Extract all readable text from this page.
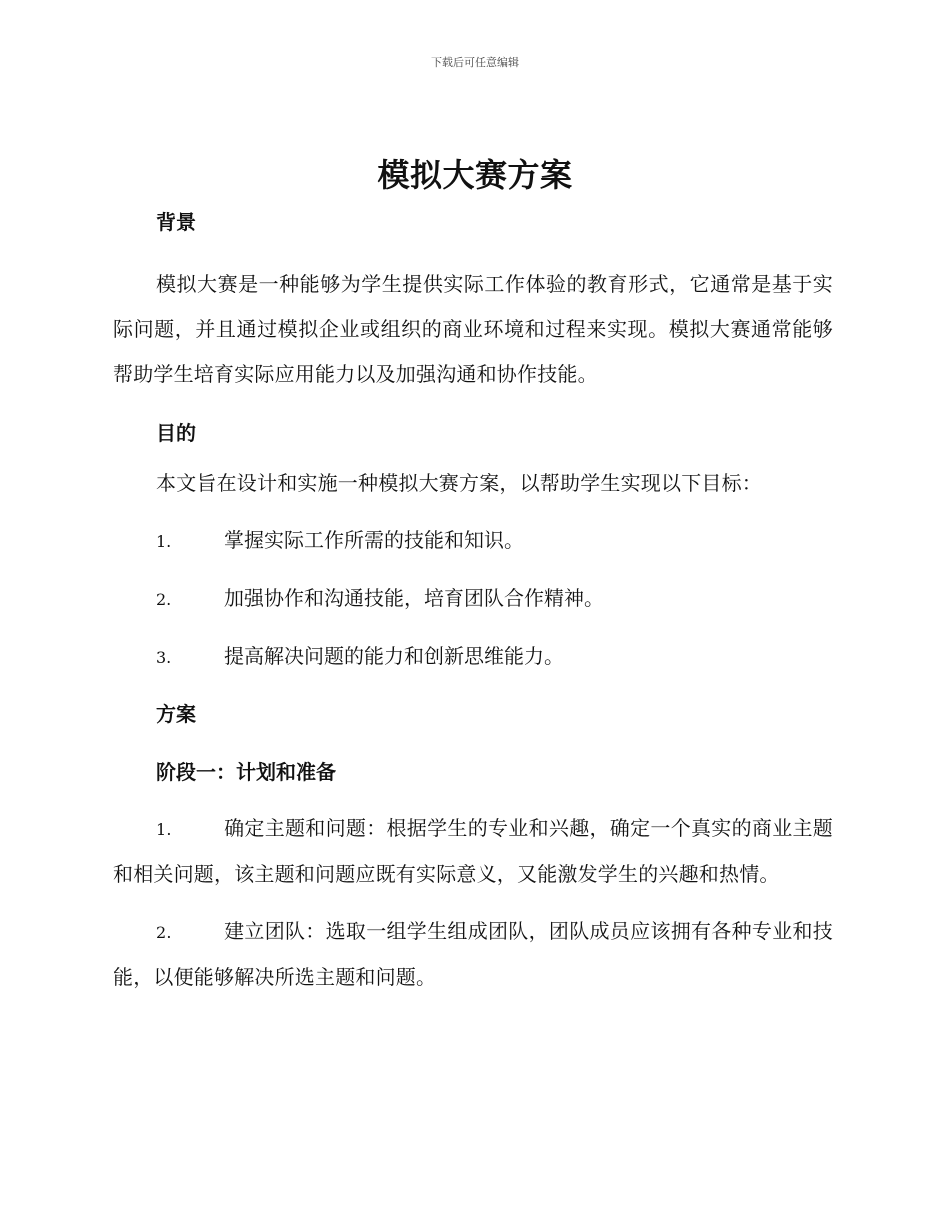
下载后可任意编辑
模拟大赛方案

背景

模拟大赛是一种能够为学生提供实际工作体验的教育形式，它通常是基于实际问题，并且通过模拟企业或组织的商业环境和过程来实现。模拟大赛通常能够帮助学生培育实际应用能力以及加强沟通和协作技能。

目的

本文旨在设计和实施一种模拟大赛方案，以帮助学生实现以下目标：

1.	掌握实际工作所需的技能和知识。

2.	加强协作和沟通技能，培育团队合作精神。

3.	提高解决问题的能力和创新思维能力。

方案

阶段一：计划和准备

1.	确定主题和问题：根据学生的专业和兴趣，确定一个真实的商业主题和相关问题，该主题和问题应既有实际意义，又能激发学生的兴趣和热情。

2.	建立团队：选取一组学生组成团队，团队成员应该拥有各种专业和技能，以便能够解决所选主题和问题。
